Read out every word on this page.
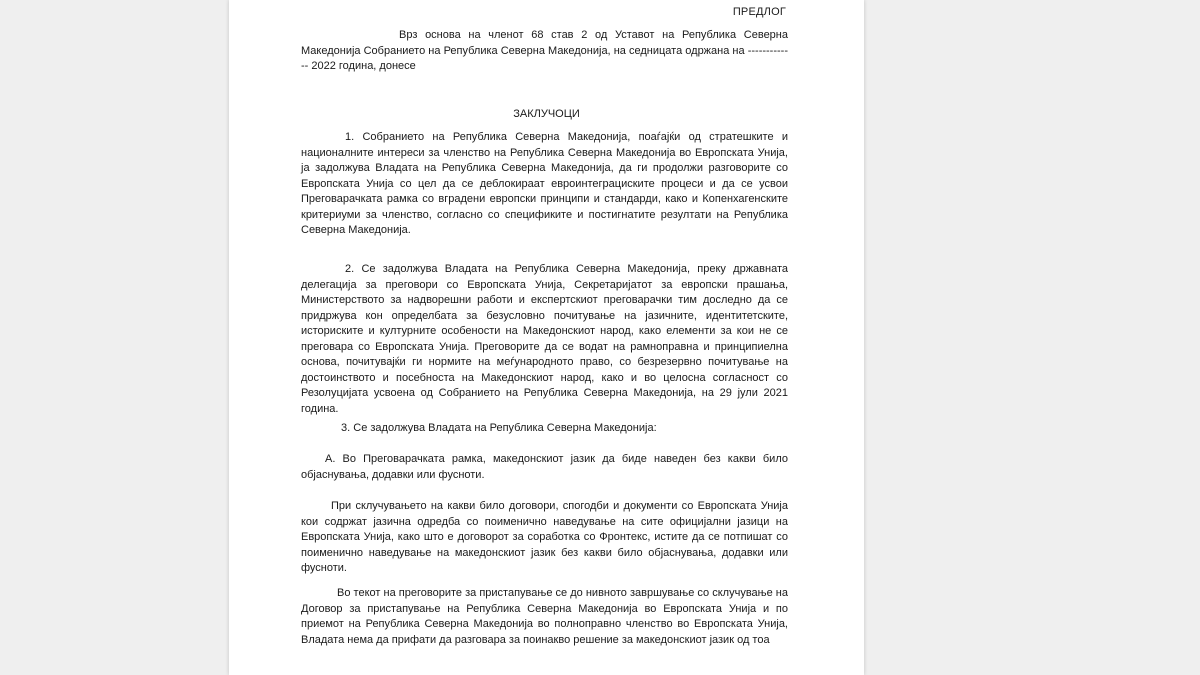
ПРЕДЛОГ

Врз основа на членот 68 став 2 од Уставот на Република Северна Македонија Собранието на Република Северна Македонија, на седницата одржана на ------------- 2022 година, донесе

ЗАКЛУЧОЦИ

1. Собранието на Република Северна Македонија, поаѓајќи од стратешките и националните интереси за членство на Република Северна Македонија во Европската Унија, ја задолжува Владата на Република Северна Македонија, да ги продолжи разговорите со Европската Унија со цел да се деблокираат евроинтеграциските процеси и да се усвои Преговарачката рамка со вградени европски принципи и стандарди, како и Копенхагенските критериуми за членство, согласно со спецификите и постигнатите резултати на Република Северна Македонија.

2. Се задолжува Владата на Република Северна Македонија, преку државната делегација за преговори со Европската Унија, Секретаријатот за европски прашања, Министерството за надворешни работи и експертскиот преговарачки тим доследно да се придржува кон определбата за безусловно почитување на јазичните, идентитетските, историските и културните особености на Македонскиот народ, како елементи за кои не се преговара со Европската Унија. Преговорите да се водат на рамноправна и принципиелна основа, почитувајќи ги нормите на меѓународното право, со безрезервно почитување на достоинството и посебноста на Македонскиот народ, како и во целосна согласност со Резолуцијата усвоена од Собранието на Република Северна Македонија, на 29 јули 2021 година.

3. Се задолжува Владата на Република Северна Македонија:

А. Во Преговарачката рамка, македонскиот јазик да биде наведен без какви било објаснувања, додавки или фусноти.

При склучувањето на какви било договори, спогодби и документи со Европската Унија кои содржат јазична одредба со поименично наведување на сите официјални јазици на Европската Унија, како што е договорот за соработка со Фронтекс, истите да се потпишат со поименично наведување на македонскиот јазик без какви било објаснувања, додавки или фусноти.

Во текот на преговорите за пристапување се до нивното завршување со склучување на Договор за пристапување на Република Северна Македонија во Европската Унија и по приемот на Република Северна Македонија во полноправно членство во Европската Унија, Владата нема да прифати да разговара за поинакво решение за македонскиот јазик од тоа
